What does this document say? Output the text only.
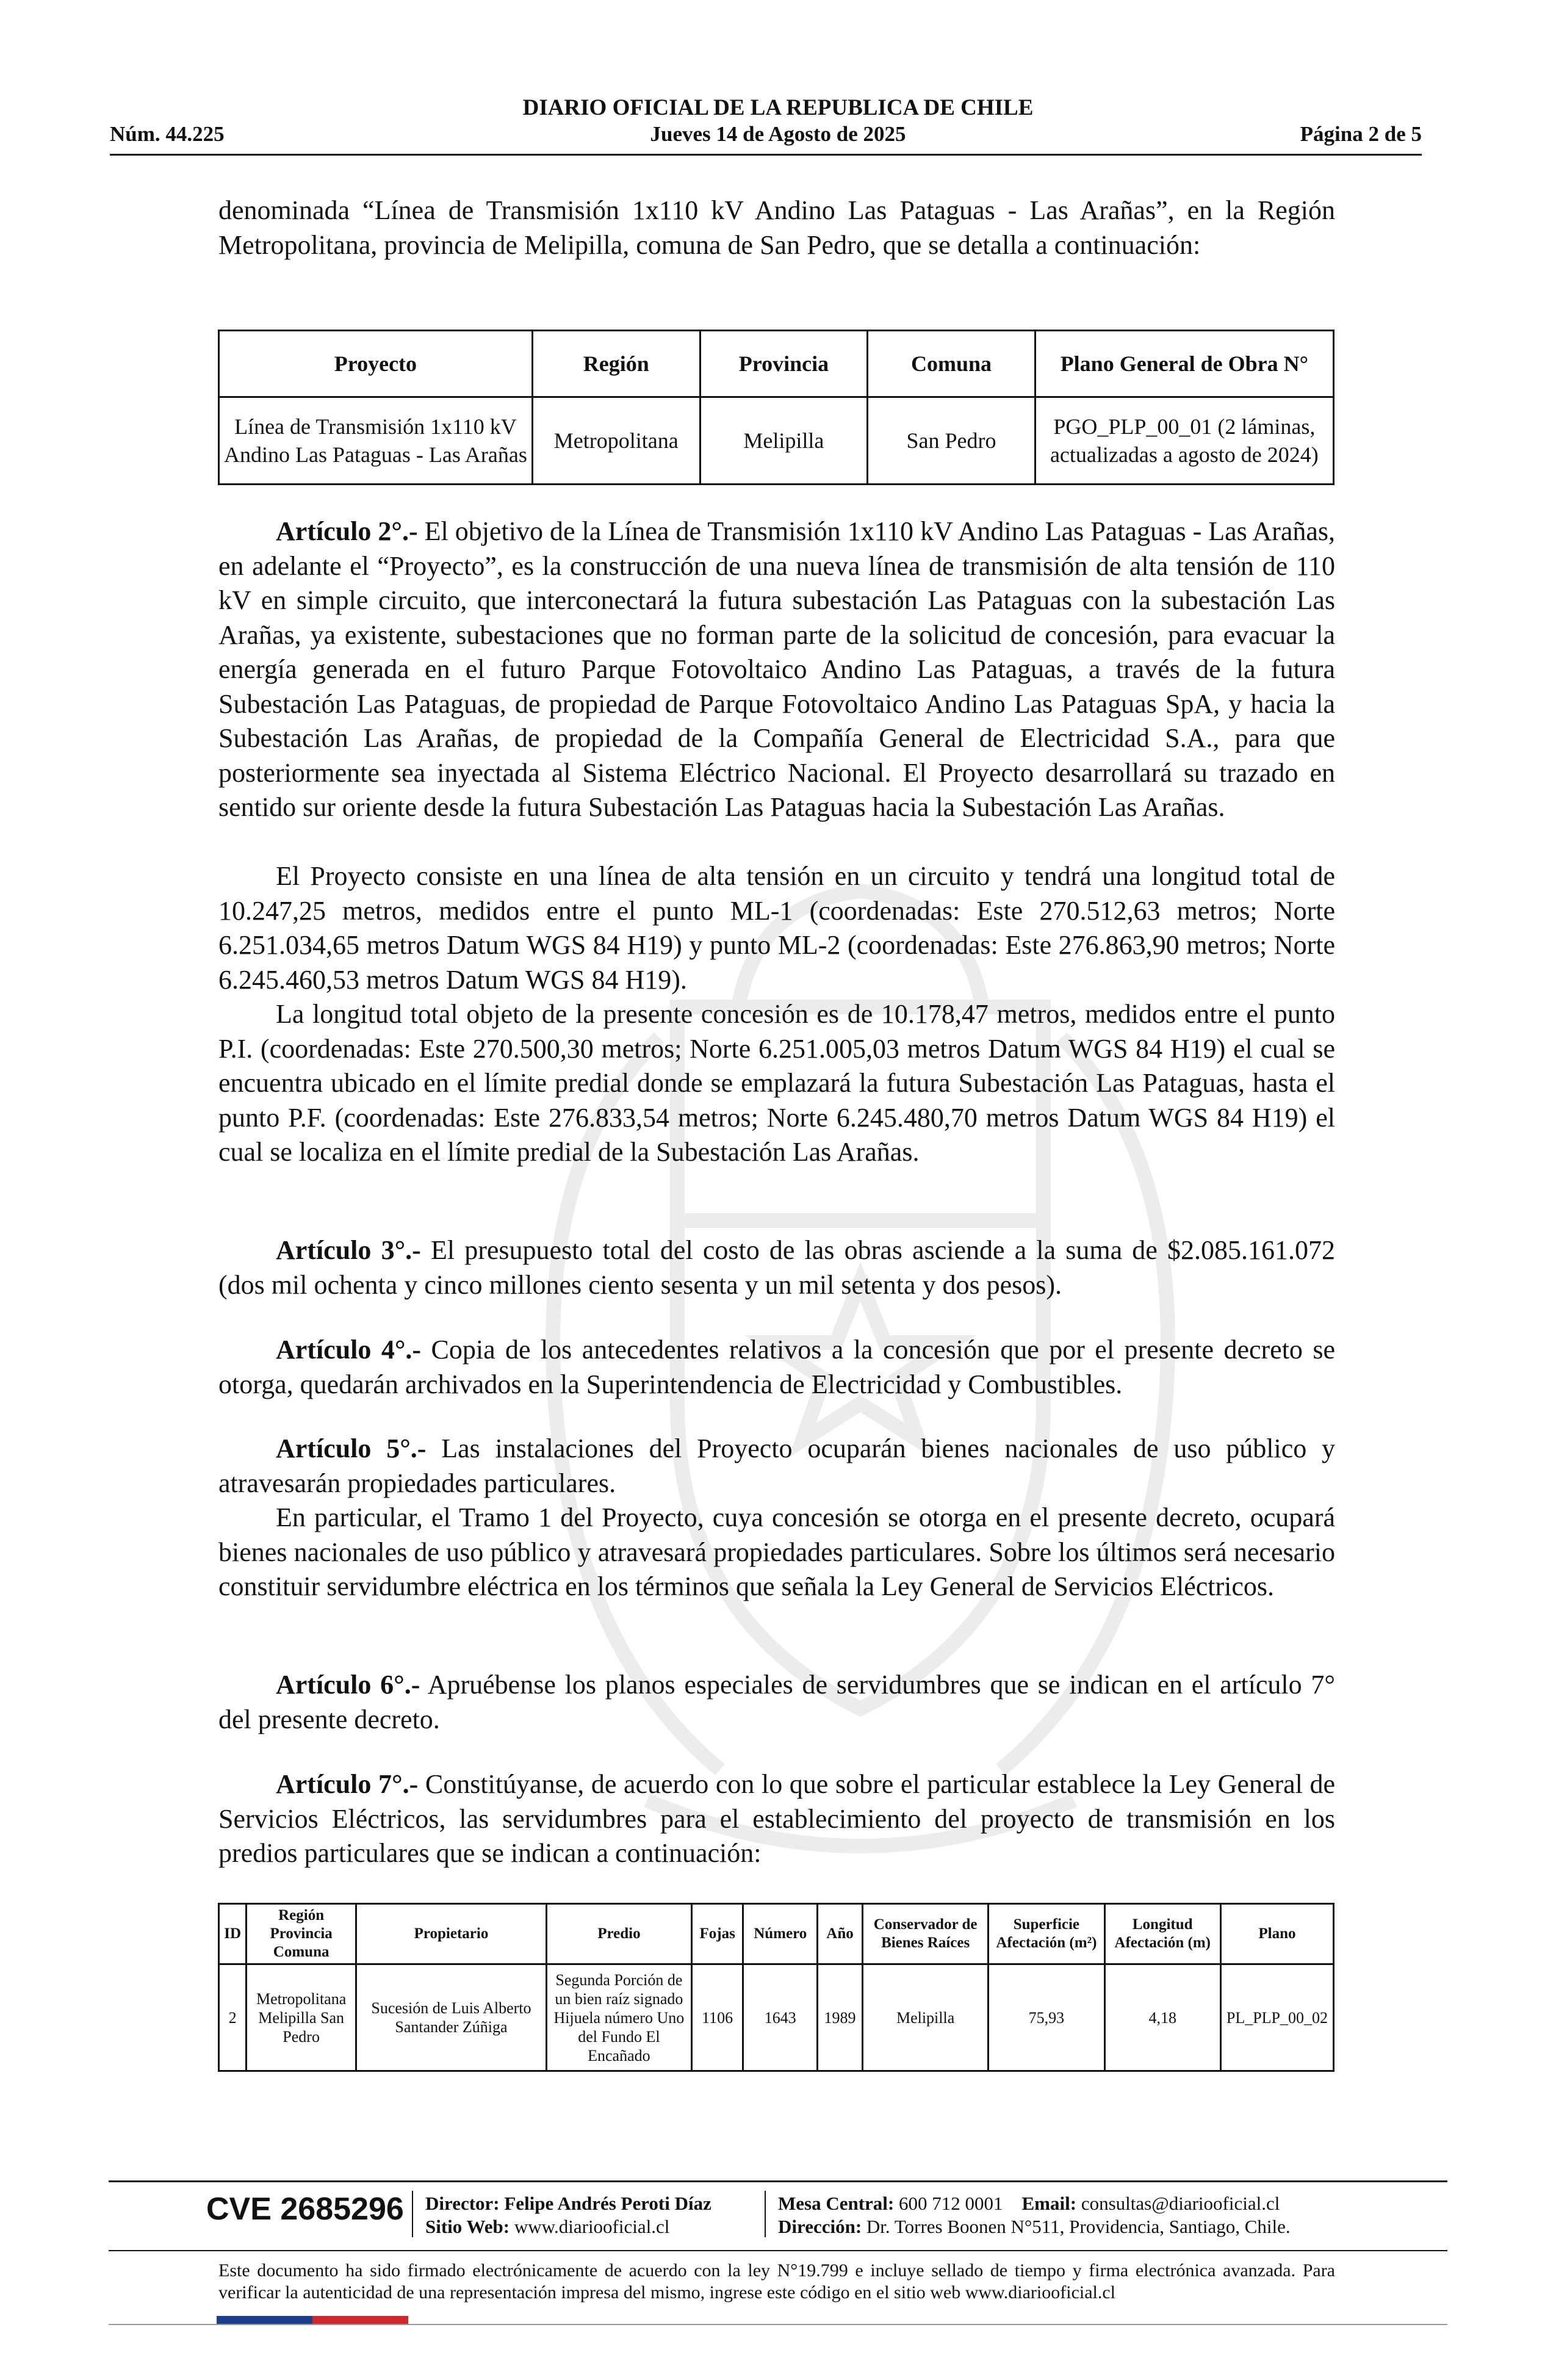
DIARIO OFICIAL DE LA REPUBLICA DE CHILE
Núm. 44.225	Jueves 14 de Agosto de 2025	Página 2 de 5
denominada “Línea de Transmisión 1x110 kV Andino Las Pataguas - Las Arañas”, en la Región Metropolitana, provincia de Melipilla, comuna de San Pedro, que se detalla a continuación:
Proyecto	Región	Provincia	Comuna	Plano General de Obra N°
Línea de Transmisión 1x110 kV Andino Las Pataguas - Las Arañas	Metropolitana	Melipilla	San Pedro	PGO_PLP_00_01 (2 láminas, actualizadas a agosto de 2024)
Artículo 2°.- El objetivo de la Línea de Transmisión 1x110 kV Andino Las Pataguas - Las Arañas, en adelante el “Proyecto”, es la construcción de una nueva línea de transmisión de alta tensión de 110 kV en simple circuito, que interconectará la futura subestación Las Pataguas con la subestación Las Arañas, ya existente, subestaciones que no forman parte de la solicitud de concesión, para evacuar la energía generada en el futuro Parque Fotovoltaico Andino Las Pataguas, a través de la futura Subestación Las Pataguas, de propiedad de Parque Fotovoltaico Andino Las Pataguas SpA, y hacia la Subestación Las Arañas, de propiedad de la Compañía General de Electricidad S.A., para que posteriormente sea inyectada al Sistema Eléctrico Nacional. El Proyecto desarrollará su trazado en sentido sur oriente desde la futura Subestación Las Pataguas hacia la Subestación Las Arañas.
El Proyecto consiste en una línea de alta tensión en un circuito y tendrá una longitud total de 10.247,25 metros, medidos entre el punto ML-1 (coordenadas: Este 270.512,63 metros; Norte 6.251.034,65 metros Datum WGS 84 H19) y punto ML-2 (coordenadas: Este 276.863,90 metros; Norte 6.245.460,53 metros Datum WGS 84 H19).
La longitud total objeto de la presente concesión es de 10.178,47 metros, medidos entre el punto P.I. (coordenadas: Este 270.500,30 metros; Norte 6.251.005,03 metros Datum WGS 84 H19) el cual se encuentra ubicado en el límite predial donde se emplazará la futura Subestación Las Pataguas, hasta el punto P.F. (coordenadas: Este 276.833,54 metros; Norte 6.245.480,70 metros Datum WGS 84 H19) el cual se localiza en el límite predial de la Subestación Las Arañas.
Artículo 3°.- El presupuesto total del costo de las obras asciende a la suma de $2.085.161.072 (dos mil ochenta y cinco millones ciento sesenta y un mil setenta y dos pesos).
Artículo 4°.- Copia de los antecedentes relativos a la concesión que por el presente decreto se otorga, quedarán archivados en la Superintendencia de Electricidad y Combustibles.
Artículo 5°.- Las instalaciones del Proyecto ocuparán bienes nacionales de uso público y atravesarán propiedades particulares.
En particular, el Tramo 1 del Proyecto, cuya concesión se otorga en el presente decreto, ocupará bienes nacionales de uso público y atravesará propiedades particulares. Sobre los últimos será necesario constituir servidumbre eléctrica en los términos que señala la Ley General de Servicios Eléctricos.
Artículo 6°.- Apruébense los planos especiales de servidumbres que se indican en el artículo 7° del presente decreto.
Artículo 7°.- Constitúyanse, de acuerdo con lo que sobre el particular establece la Ley General de Servicios Eléctricos, las servidumbres para el establecimiento del proyecto de transmisión en los predios particulares que se indican a continuación:
ID	Región Provincia Comuna	Propietario	Predio	Fojas	Número	Año	Conservador de Bienes Raíces	Superficie Afectación (m²)	Longitud Afectación (m)	Plano
2	Metropolitana Melipilla San Pedro	Sucesión de Luis Alberto Santander Zúñiga	Segunda Porción de un bien raíz signado Hijuela número Uno del Fundo El Encañado	1106	1643	1989	Melipilla	75,93	4,18	PL_PLP_00_02
CVE 2685296 Director: Felipe Andrés Peroti Díaz
Sitio Web: www.diariooficial.cl
Mesa Central: 600 712 0001 Email: consultas@diariooficial.cl
Dirección: Dr. Torres Boonen N°511, Providencia, Santiago, Chile.
Este documento ha sido firmado electrónicamente de acuerdo con la ley N°19.799 e incluye sellado de tiempo y firma electrónica avanzada. Para verificar la autenticidad de una representación impresa del mismo, ingrese este código en el sitio web www.diariooficial.cl
